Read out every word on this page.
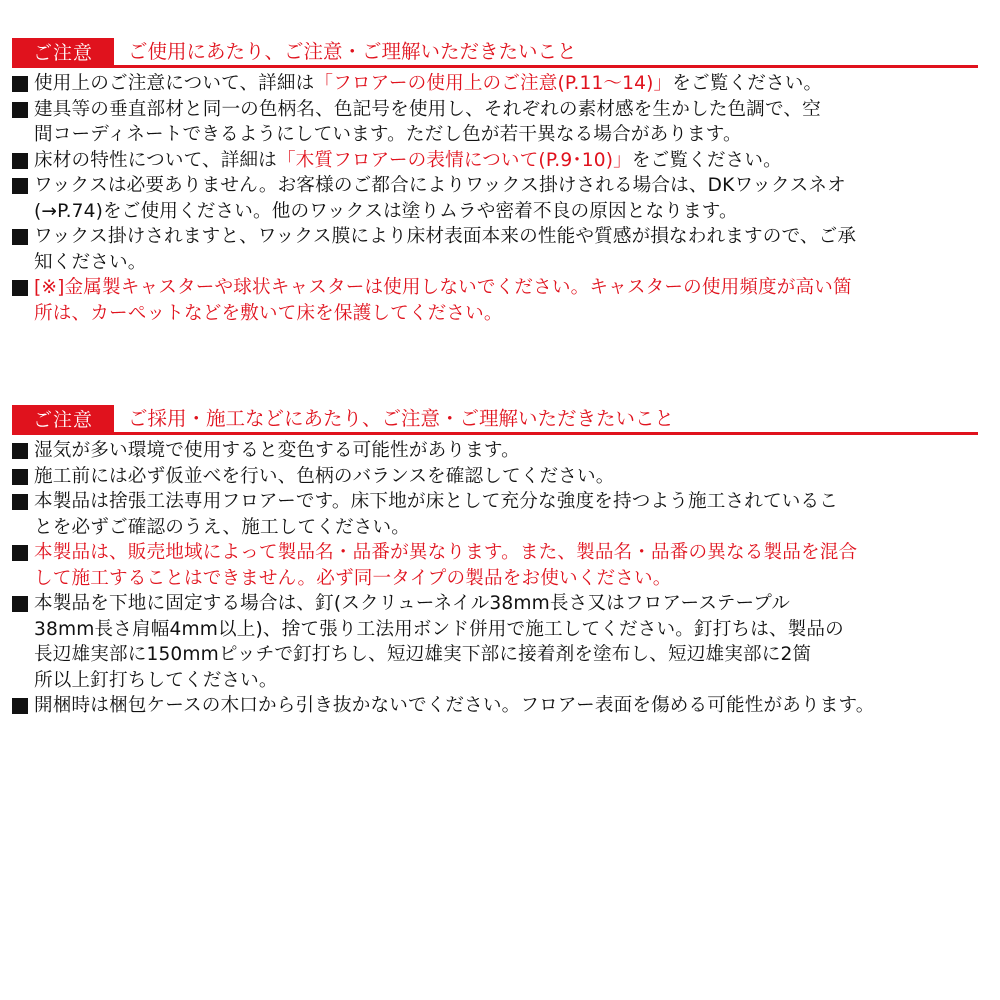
ご注意	ご使用にあたり、ご注意・ご理解いただきたいこと
使用上のご注意について、詳細は「フロアーの使用上のご注意(P.11～14)」をご覧ください。
建具等の垂直部材と同一の色柄名、色記号を使用し、それぞれの素材感を生かした色調で、空
間コーディネートできるようにしています。ただし色が若干異なる場合があります。
床材の特性について、詳細は「木質フロアーの表情について(P.9･10)」をご覧ください。
ワックスは必要ありません。お客様のご都合によりワックス掛けされる場合は、DKワックスネオ
(→P.74)をご使用ください。他のワックスは塗りムラや密着不良の原因となります。
ワックス掛けされますと、ワックス膜により床材表面本来の性能や質感が損なわれますので、ご承
知ください。
[※]金属製キャスターや球状キャスターは使用しないでください。キャスターの使用頻度が高い箇
所は、カーペットなどを敷いて床を保護してください。
ご注意	ご採用・施工などにあたり、ご注意・ご理解いただきたいこと
湿気が多い環境で使用すると変色する可能性があります。
施工前には必ず仮並べを行い、色柄のバランスを確認してください。
本製品は捨張工法専用フロアーです。床下地が床として充分な強度を持つよう施工されているこ
とを必ずご確認のうえ、施工してください。
本製品は、販売地域によって製品名・品番が異なります。また、製品名・品番の異なる製品を混合
して施工することはできません。必ず同一タイプの製品をお使いください。
本製品を下地に固定する場合は、釘(スクリューネイル38mm長さ又はフロアーステープル
38mm長さ肩幅4mm以上)、捨て張り工法用ボンド併用で施工してください。釘打ちは、製品の
長辺雄実部に150mmピッチで釘打ちし、短辺雄実下部に接着剤を塗布し、短辺雄実部に2箇
所以上釘打ちしてください。
開梱時は梱包ケースの木口から引き抜かないでください。フロアー表面を傷める可能性があります。
